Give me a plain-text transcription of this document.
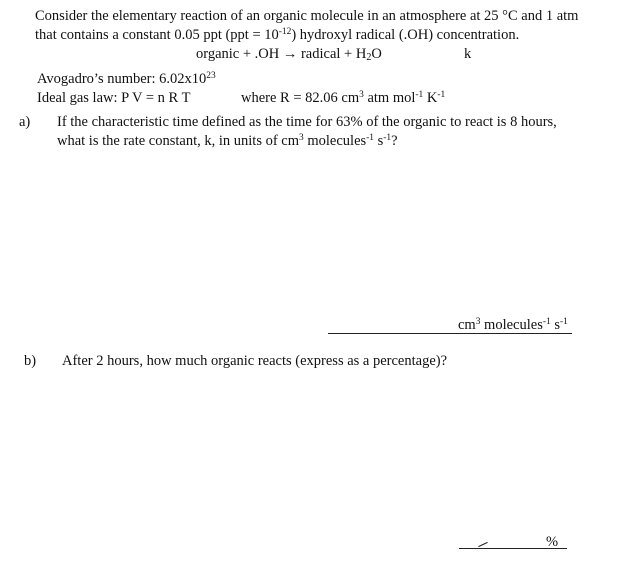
Consider the elementary reaction of an organic molecule in an atmosphere at 25 °C and 1 atm
that contains a constant 0.05 ppt $(ppt = 10^{-12})$ hydroxyl radical (.OH) concentration.
organic + .OH → radical + $H_2O$	k
Avogadro’s number: $6.02x10^{23}$
Ideal gas law: P V = n R T	where R = 82.06 $cm^3$ atm mol$^{-1}$ $K^{-1}$
a) If the characteristic time defined as the time for 63% of the organic to react is 8 hours,
what is the rate constant, k, in units of $cm^3$ molecules$^{-1}$ $s^{-1}$?
$cm^3$ molecules$^{-1}$ $s^{-1}$
b) After 2 hours, how much organic reacts (express as a percentage)?
%
